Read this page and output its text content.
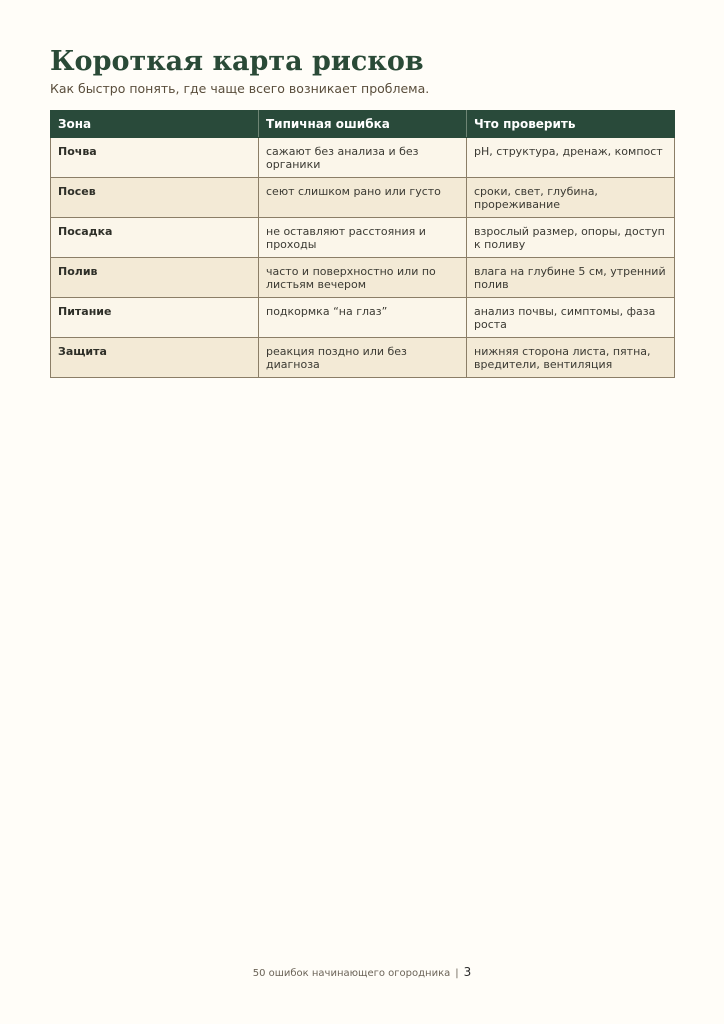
Короткая карта рисков

Как быстро понять, где чаще всего возникает проблема.

Зона	Типичная ошибка	Что проверить
Почва	сажают без анализа и без органики	pH, структура, дренаж, компост
Посев	сеют слишком рано или густо	сроки, свет, глубина, прореживание
Посадка	не оставляют расстояния и проходы	взрослый размер, опоры, доступ к поливу
Полив	часто и поверхностно или по листьям вечером	влага на глубине 5 см, утренний полив
Питание	подкормка “на глаз”	анализ почвы, симптомы, фаза роста
Защита	реакция поздно или без диагноза	нижняя сторона листа, пятна, вредители, вентиляция
50 ошибок начинающего огородника | 3
